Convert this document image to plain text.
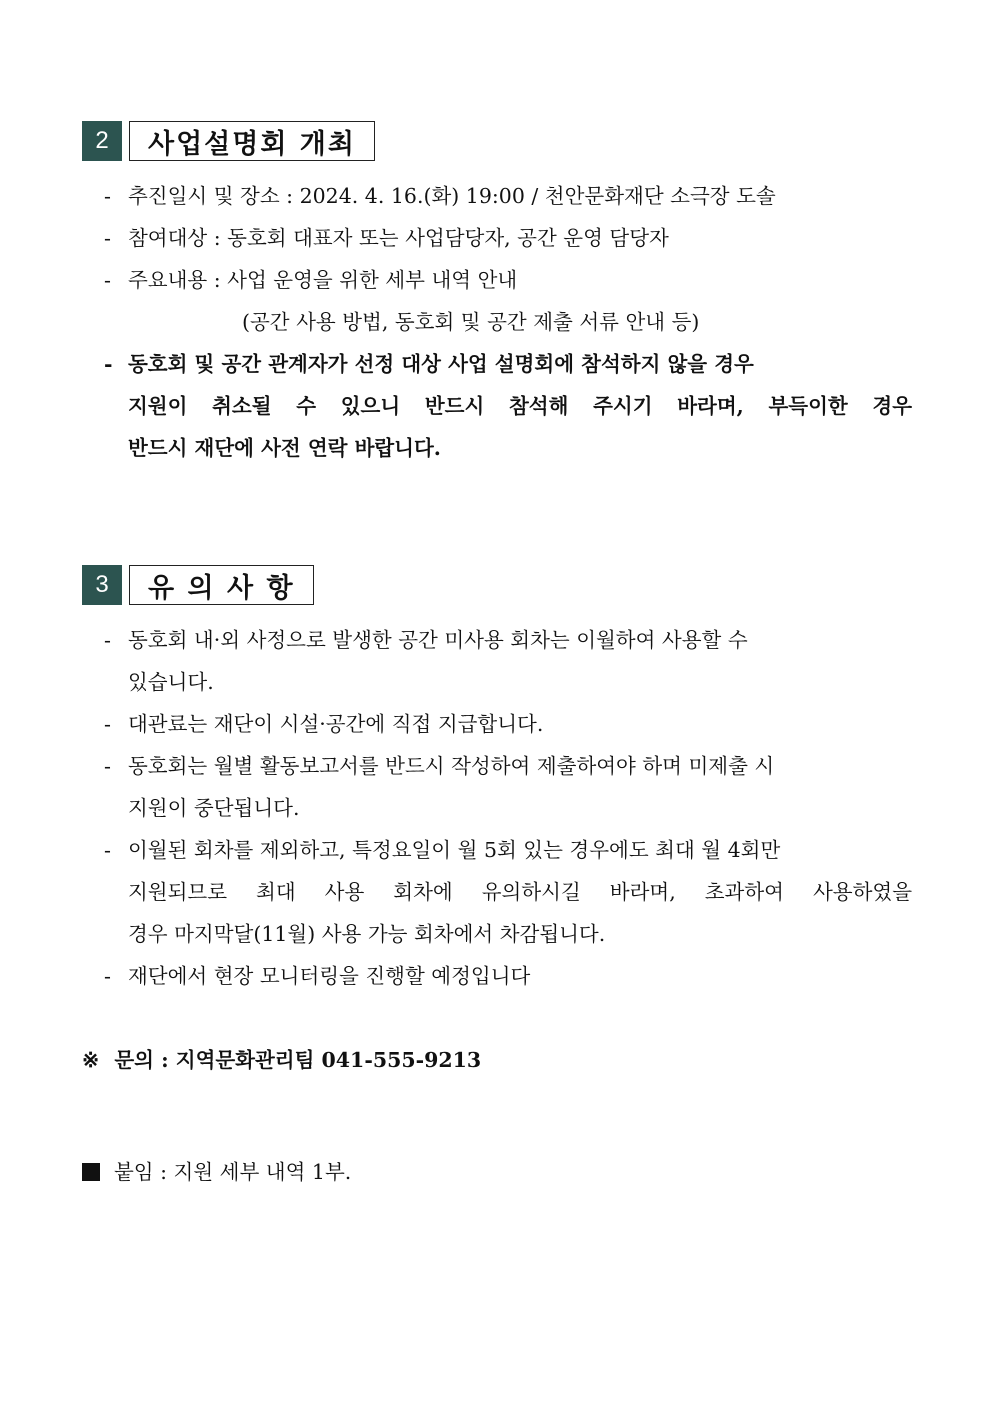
2	사업설명회 개최
- 추진일시 및 장소 : 2024. 4. 16.(화) 19:00 / 천안문화재단 소극장 도솔
- 참여대상 : 동호회 대표자 또는 사업담당자, 공간 운영 담당자
- 주요내용 : 사업 운영을 위한 세부 내역 안내
(공간 사용 방법, 동호회 및 공간 제출 서류 안내 등)
- 동호회 및 공간 관계자가 선정 대상 사업 설명회에 참석하지 않을 경우
지원이 취소될 수 있으니 반드시 참석해 주시기 바라며, 부득이한 경우
반드시 재단에 사전 연락 바랍니다.
3	유 의 사 항
- 동호회 내·외 사정으로 발생한 공간 미사용 회차는 이월하여 사용할 수
있습니다.
- 대관료는 재단이 시설·공간에 직접 지급합니다.
- 동호회는 월별 활동보고서를 반드시 작성하여 제출하여야 하며 미제출 시
지원이 중단됩니다.
- 이월된 회차를 제외하고, 특정요일이 월 5회 있는 경우에도 최대 월 4회만
지원되므로 최대 사용 회차에 유의하시길 바라며, 초과하여 사용하였을
경우 마지막달(11월) 사용 가능 회차에서 차감됩니다.
- 재단에서 현장 모니터링을 진행할 예정입니다
※ 문의 : 지역문화관리팀 041-555-9213
붙임 : 지원 세부 내역 1부.
